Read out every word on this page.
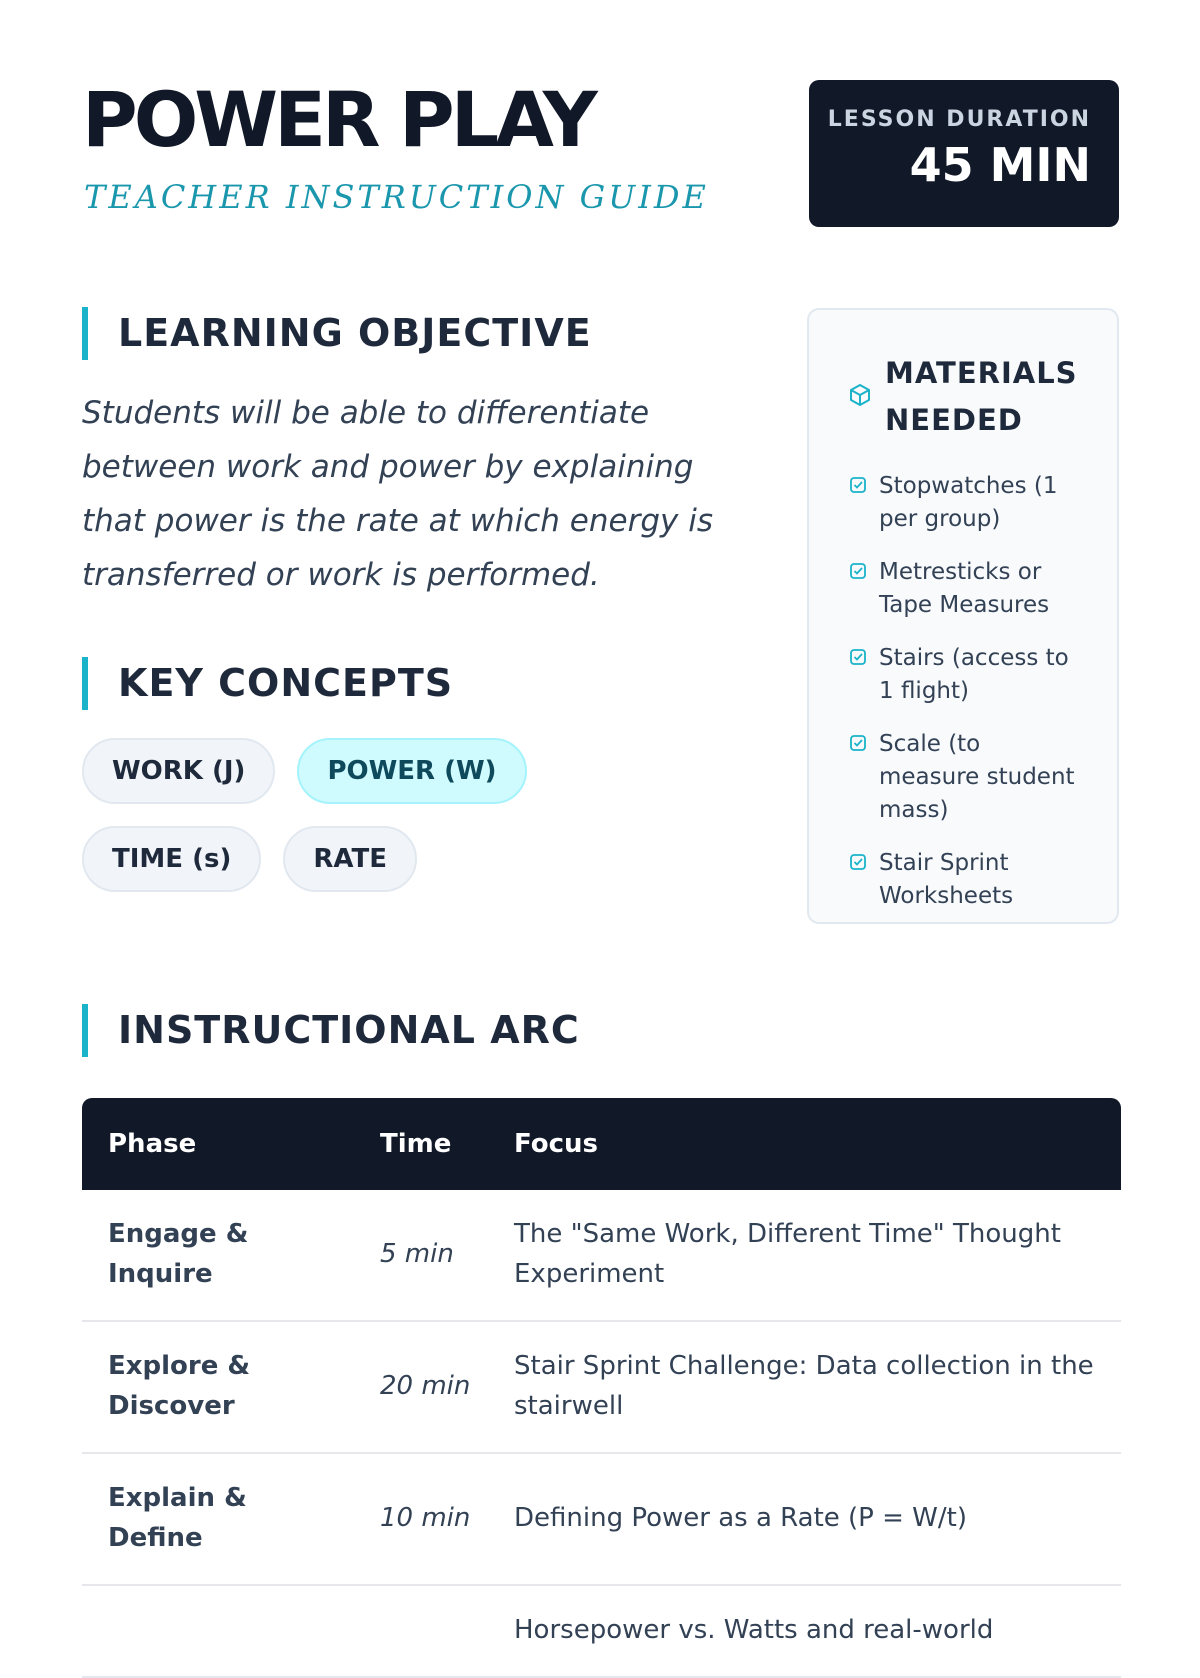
POWER PLAY

TEACHER INSTRUCTION GUIDE

LESSON DURATION
45 MIN
LEARNING OBJECTIVE

Students will be able to differentiate between work and power by explaining that power is the rate at which energy is transferred or work is performed.

KEY CONCEPTS
WORK (J)	POWER (W)
TIME (s)	RATE
MATERIALS NEEDED
Stopwatches (1 per group)
Metresticks or Tape Measures
Stairs (access to 1 flight)
Scale (to measure student mass)
Stair Sprint Worksheets
INSTRUCTIONAL ARC
Phase	Time	Focus
Engage & Inquire	5 min	The "Same Work, Different Time" Thought Experiment
Explore & Discover	20 min	Stair Sprint Challenge: Data collection in the stairwell
Explain & Define	10 min	Defining Power as a Rate (P = W/t)
		Horsepower vs. Watts and real-world
